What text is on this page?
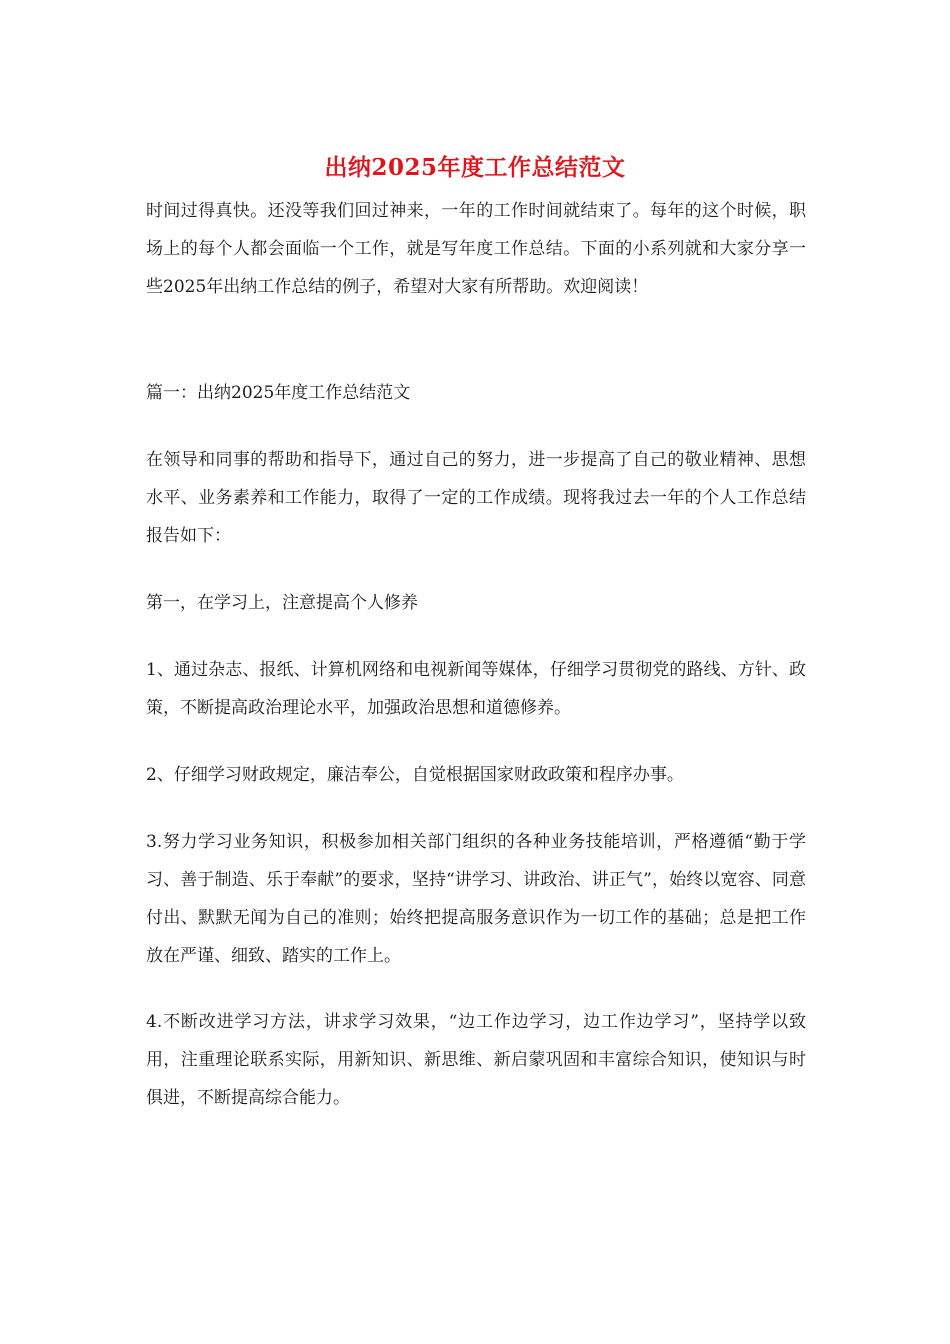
出纳2025年度工作总结范文

时间过得真快。还没等我们回过神来，一年的工作时间就结束了。每年的这个时候，职场上的每个人都会面临一个工作，就是写年度工作总结。下面的小系列就和大家分享一些2025年出纳工作总结的例子，希望对大家有所帮助。欢迎阅读！

篇一：出纳2025年度工作总结范文

在领导和同事的帮助和指导下，通过自己的努力，进一步提高了自己的敬业精神、思想水平、业务素养和工作能力，取得了一定的工作成绩。现将我过去一年的个人工作总结报告如下：

第一，在学习上，注意提高个人修养

1、通过杂志、报纸、计算机网络和电视新闻等媒体，仔细学习贯彻党的路线、方针、政策，不断提高政治理论水平，加强政治思想和道德修养。

2、仔细学习财政规定，廉洁奉公，自觉根据国家财政政策和程序办事。

3.努力学习业务知识，积极参加相关部门组织的各种业务技能培训，严格遵循“勤于学习、善于制造、乐于奉献”的要求，坚持“讲学习、讲政治、讲正气”，始终以宽容、同意付出、默默无闻为自己的准则；始终把提高服务意识作为一切工作的基础；总是把工作放在严谨、细致、踏实的工作上。

4.不断改进学习方法，讲求学习效果，“边工作边学习，边工作边学习”，坚持学以致用，注重理论联系实际，用新知识、新思维、新启蒙巩固和丰富综合知识，使知识与时俱进，不断提高综合能力。
